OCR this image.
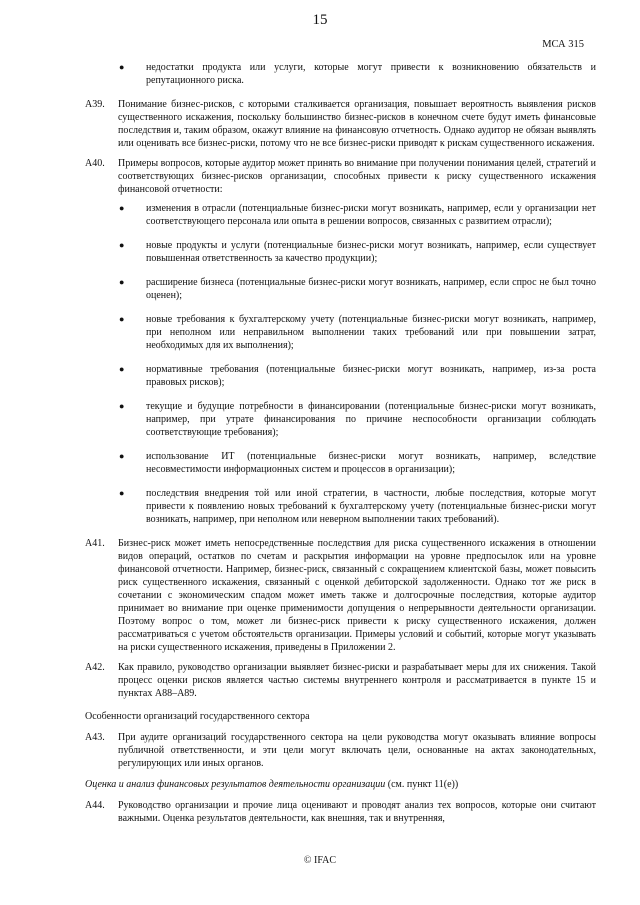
15
МСА 315
● недостатки продукта или услуги, которые могут привести к возникновению обязательств и репутационного риска.
A39. Понимание бизнес-рисков, с которыми сталкивается организация, повышает вероятность выявления рисков существенного искажения, поскольку большинство бизнес-рисков в конечном счете будут иметь финансовые последствия и, таким образом, окажут влияние на финансовую отчетность. Однако аудитор не обязан выявлять или оценивать все бизнес-риски, потому что не все бизнес-риски приводят к рискам существенного искажения.
A40. Примеры вопросов, которые аудитор может принять во внимание при получении понимания целей, стратегий и соответствующих бизнес-рисков организации, способных привести к риску существенного искажения финансовой отчетности:
● изменения в отрасли (потенциальные бизнес-риски могут возникать, например, если у организации нет соответствующего персонала или опыта в решении вопросов, связанных с развитием отрасли);
● новые продукты и услуги (потенциальные бизнес-риски могут возникать, например, если существует повышенная ответственность за качество продукции);
● расширение бизнеса (потенциальные бизнес-риски могут возникать, например, если спрос не был точно оценен);
● новые требования к бухгалтерскому учету (потенциальные бизнес-риски могут возникать, например, при неполном или неправильном выполнении таких требований или при повышении затрат, необходимых для их выполнения);
● нормативные требования (потенциальные бизнес-риски могут возникать, например, из-за роста правовых рисков);
● текущие и будущие потребности в финансировании (потенциальные бизнес-риски могут возникать, например, при утрате финансирования по причине неспособности организации соблюдать соответствующие требования);
● использование ИТ (потенциальные бизнес-риски могут возникать, например, вследствие несовместимости информационных систем и процессов в организации);
● последствия внедрения той или иной стратегии, в частности, любые последствия, которые могут привести к появлению новых требований к бухгалтерскому учету (потенциальные бизнес-риски могут возникать, например, при неполном или неверном выполнении таких требований).
A41. Бизнес-риск может иметь непосредственные последствия для риска существенного искажения в отношении видов операций, остатков по счетам и раскрытия информации на уровне предпосылок или на уровне финансовой отчетности. Например, бизнес-риск, связанный с сокращением клиентской базы, может повысить риск существенного искажения, связанный с оценкой дебиторской задолженности. Однако тот же риск в сочетании с экономическим спадом может иметь также и долгосрочные последствия, которые аудитор принимает во внимание при оценке применимости допущения о непрерывности деятельности организации. Поэтому вопрос о том, может ли бизнес-риск привести к риску существенного искажения, должен рассматриваться с учетом обстоятельств организации. Примеры условий и событий, которые могут указывать на риски существенного искажения, приведены в Приложении 2.
A42. Как правило, руководство организации выявляет бизнес-риски и разрабатывает меры для их снижения. Такой процесс оценки рисков является частью системы внутреннего контроля и рассматривается в пункте 15 и пунктах А88–А89.
Особенности организаций государственного сектора
A43. При аудите организаций государственного сектора на цели руководства могут оказывать влияние вопросы публичной ответственности, и эти цели могут включать цели, основанные на актах законодательных, регулирующих или иных органов.
Оценка и анализ финансовых результатов деятельности организации (см. пункт 11(e))
A44. Руководство организации и прочие лица оценивают и проводят анализ тех вопросов, которые они считают важными. Оценка результатов деятельности, как внешняя, так и внутренняя,
© IFAC
